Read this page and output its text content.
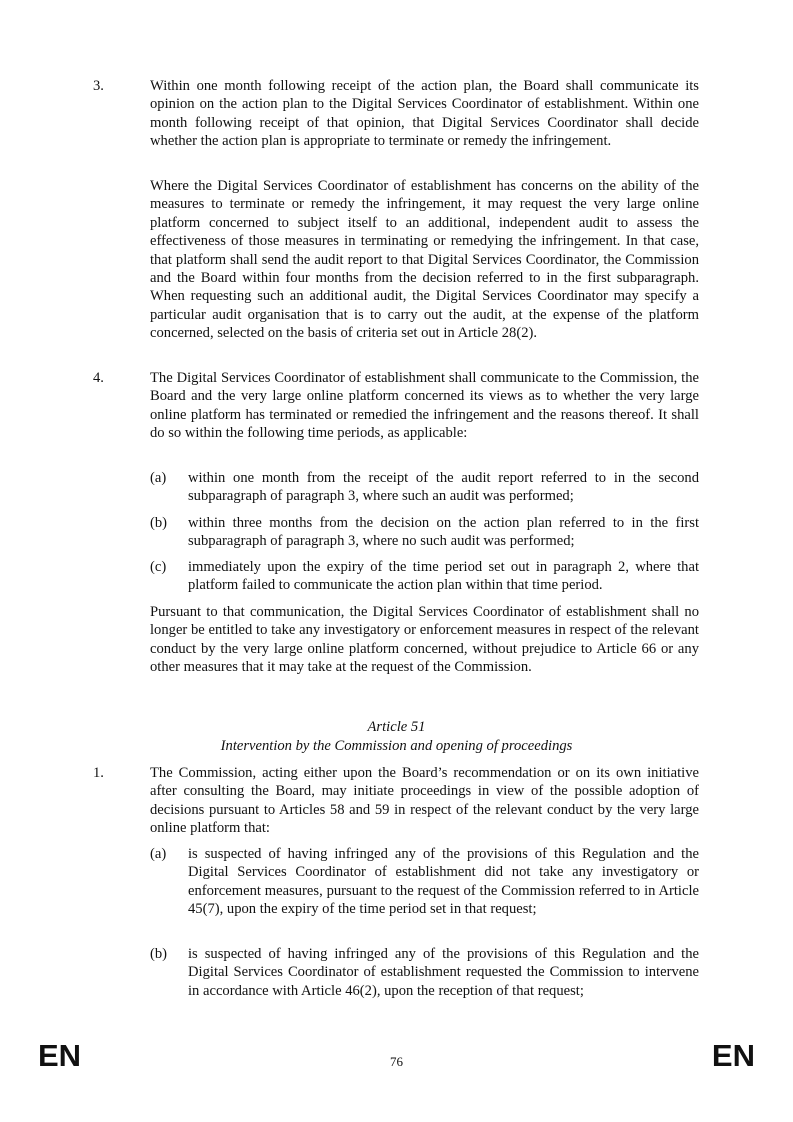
3.	Within one month following receipt of the action plan, the Board shall communicate its opinion on the action plan to the Digital Services Coordinator of establishment. Within one month following receipt of that opinion, that Digital Services Coordinator shall decide whether the action plan is appropriate to terminate or remedy the infringement.
Where the Digital Services Coordinator of establishment has concerns on the ability of the measures to terminate or remedy the infringement, it may request the very large online platform concerned to subject itself to an additional, independent audit to assess the effectiveness of those measures in terminating or remedying the infringement. In that case, that platform shall send the audit report to that Digital Services Coordinator, the Commission and the Board within four months from the decision referred to in the first subparagraph. When requesting such an additional audit, the Digital Services Coordinator may specify a particular audit organisation that is to carry out the audit, at the expense of the platform concerned, selected on the basis of criteria set out in Article 28(2).
4.	The Digital Services Coordinator of establishment shall communicate to the Commission, the Board and the very large online platform concerned its views as to whether the very large online platform has terminated or remedied the infringement and the reasons thereof. It shall do so within the following time periods, as applicable:
(a) within one month from the receipt of the audit report referred to in the second subparagraph of paragraph 3, where such an audit was performed;
(b) within three months from the decision on the action plan referred to in the first subparagraph of paragraph 3, where no such audit was performed;
(c) immediately upon the expiry of the time period set out in paragraph 2, where that platform failed to communicate the action plan within that time period.
Pursuant to that communication, the Digital Services Coordinator of establishment shall no longer be entitled to take any investigatory or enforcement measures in respect of the relevant conduct by the very large online platform concerned, without prejudice to Article 66 or any other measures that it may take at the request of the Commission.
Article 51
Intervention by the Commission and opening of proceedings
1.	The Commission, acting either upon the Board’s recommendation or on its own initiative after consulting the Board, may initiate proceedings in view of the possible adoption of decisions pursuant to Articles 58 and 59 in respect of the relevant conduct by the very large online platform that:
(a) is suspected of having infringed any of the provisions of this Regulation and the Digital Services Coordinator of establishment did not take any investigatory or enforcement measures, pursuant to the request of the Commission referred to in Article 45(7), upon the expiry of the time period set in that request;
(b) is suspected of having infringed any of the provisions of this Regulation and the Digital Services Coordinator of establishment requested the Commission to intervene in accordance with Article 46(2), upon the reception of that request;
EN	76	EN
